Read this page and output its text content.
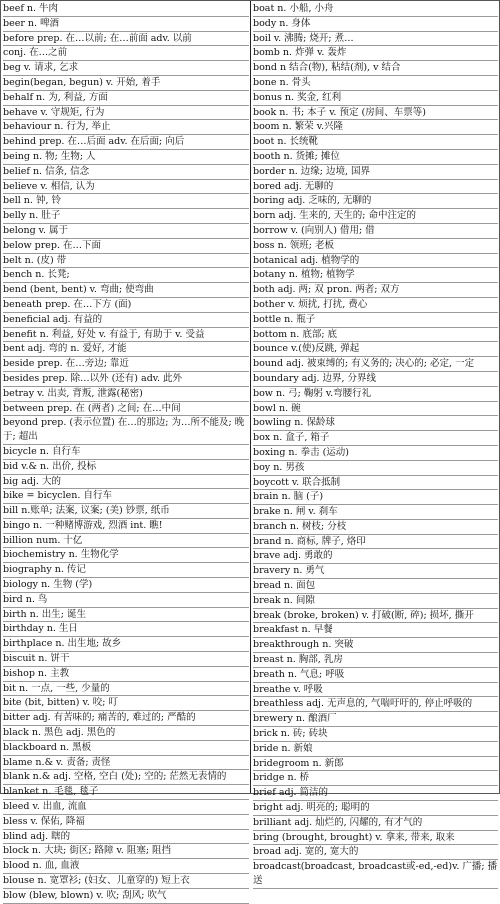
beef n. 牛肉

beer n. 啤酒

before prep. 在…以前; 在…前面 adv. 以前

conj. 在…之前

beg v. 请求, 乞求

begin(began, begun) v. 开始, 着手

behalf n. 为, 利益, 方面

behave v. 守规矩, 行为

behaviour n. 行为, 举止

behind prep. 在…后面 adv. 在后面; 向后

being n. 物; 生物; 人

belief n. 信条, 信念

believe v. 相信, 认为

bell n. 钟, 铃

belly n. 肚子

belong v. 属于

below prep. 在…下面

belt n. (皮) 带

bench n. 长凳;

bend (bent, bent) v. 弯曲; 使弯曲

beneath prep. 在…下方 (面)

beneficial adj. 有益的

benefit n. 利益, 好处 v. 有益于, 有助于 v. 受益

bent adj. 弯的 n. 爱好, 才能

beside prep. 在…旁边; 靠近

besides prep. 除…以外 (还有) adv. 此外

betray v. 出卖, 背叛, 泄露(秘密)

between prep. 在 (两者) 之间; 在…中间

beyond prep. (表示位置) 在…的那边; 为…所不能及; 晚于; 超出

bicycle n. 自行车

bid v.& n. 出价, 投标

big adj. 大的

bike = bicyclen. 自行车

bill n.账单; 法案, 议案; (美) 钞票, 纸币

bingo n. 一种赌博游戏, 烈酒 int. 瞧!

billion num. 十亿

biochemistry n. 生物化学

biography n. 传记

biology n. 生物 (学)

bird n. 鸟

birth n. 出生; 诞生

birthday n. 生日

birthplace n. 出生地; 故乡

biscuit n. 饼干

bishop n. 主教

bit n. 一点, 一些, 少量的

bite (bit, bitten) v. 咬; 叮

bitter adj. 有苦味的; 痛苦的, 难过的; 严酷的

black n. 黑色 adj. 黑色的

blackboard n. 黑板

blame n.& v. 责备; 责怪

blank n.& adj. 空格, 空白 (处); 空的; 茫然无表情的

blanket n. 毛毯, 毯子

bleed v. 出血, 流血

bless v. 保佑, 降福

blind adj. 瞎的

block n. 大块; 街区; 路障 v. 阻塞; 阻挡

blood n. 血, 血液

blouse n. 宽罩衫; (妇女、儿童穿的) 短上衣

blow (blew, blown) v. 吹; 刮风; 吹气

boat n. 小船, 小舟

body n. 身体

boil v. 沸腾; 烧开; 煮…

bomb n. 炸弹 v. 轰炸

bond n 结合(物), 粘结(剂), v 结合

bone n. 骨头

bonus n. 奖金, 红利

book n. 书; 本子 v. 预定 (房间、车票等)

boom n. 繁荣 v.兴隆

boot n. 长统靴

booth n. 货摊; 摊位

border n. 边缘; 边境, 国界

bored adj. 无聊的

boring adj. 乏味的, 无聊的

born adj. 生来的, 天生的; 命中注定的

borrow v. (向别人) 借用; 借

boss n. 领班; 老板

botanical adj. 植物学的

botany n. 植物; 植物学

both adj. 两; 双 pron. 两者; 双方

bother v. 烦扰, 打扰, 费心

bottle n. 瓶子

bottom n. 底部; 底

bounce v.(使)反跳, 弹起

bound adj. 被束缚的; 有义务的; 决心的; 必定, 一定

boundary adj. 边界, 分界线

bow n. 弓; 鞠躬 v.弯腰行礼

bowl n. 碗

bowling n. 保龄球

box n. 盒子, 箱子

boxing n. 拳击 (运动)

boy n. 男孩

boycott v. 联合抵制

brain n. 脑 (子)

brake n. 闸 v. 刹车

branch n. 树枝; 分枝

brand n. 商标, 牌子, 烙印

brave adj. 勇敢的

bravery n. 勇气

bread n. 面包

break n. 间隙

break (broke, broken) v. 打破(断, 碎); 损坏, 撕开

breakfast n. 早餐

breakthrough n. 突破

breast n. 胸部, 乳房

breath n. 气息; 呼吸

breathe v. 呼吸

breathless adj. 无声息的, 气喘吁吁的, 停止呼吸的

brewery n. 酿酒厂

brick n. 砖; 砖块

bride n. 新娘

bridegroom n. 新郎

bridge n. 桥

brief adj. 简洁的

bright adj. 明亮的; 聪明的

brilliant adj. 灿烂的, 闪耀的, 有才气的

bring (brought, brought) v. 拿来, 带来, 取来

broad adj. 宽的, 宽大的

broadcast(broadcast, broadcast或-ed,-ed)v. 广播; 播送
